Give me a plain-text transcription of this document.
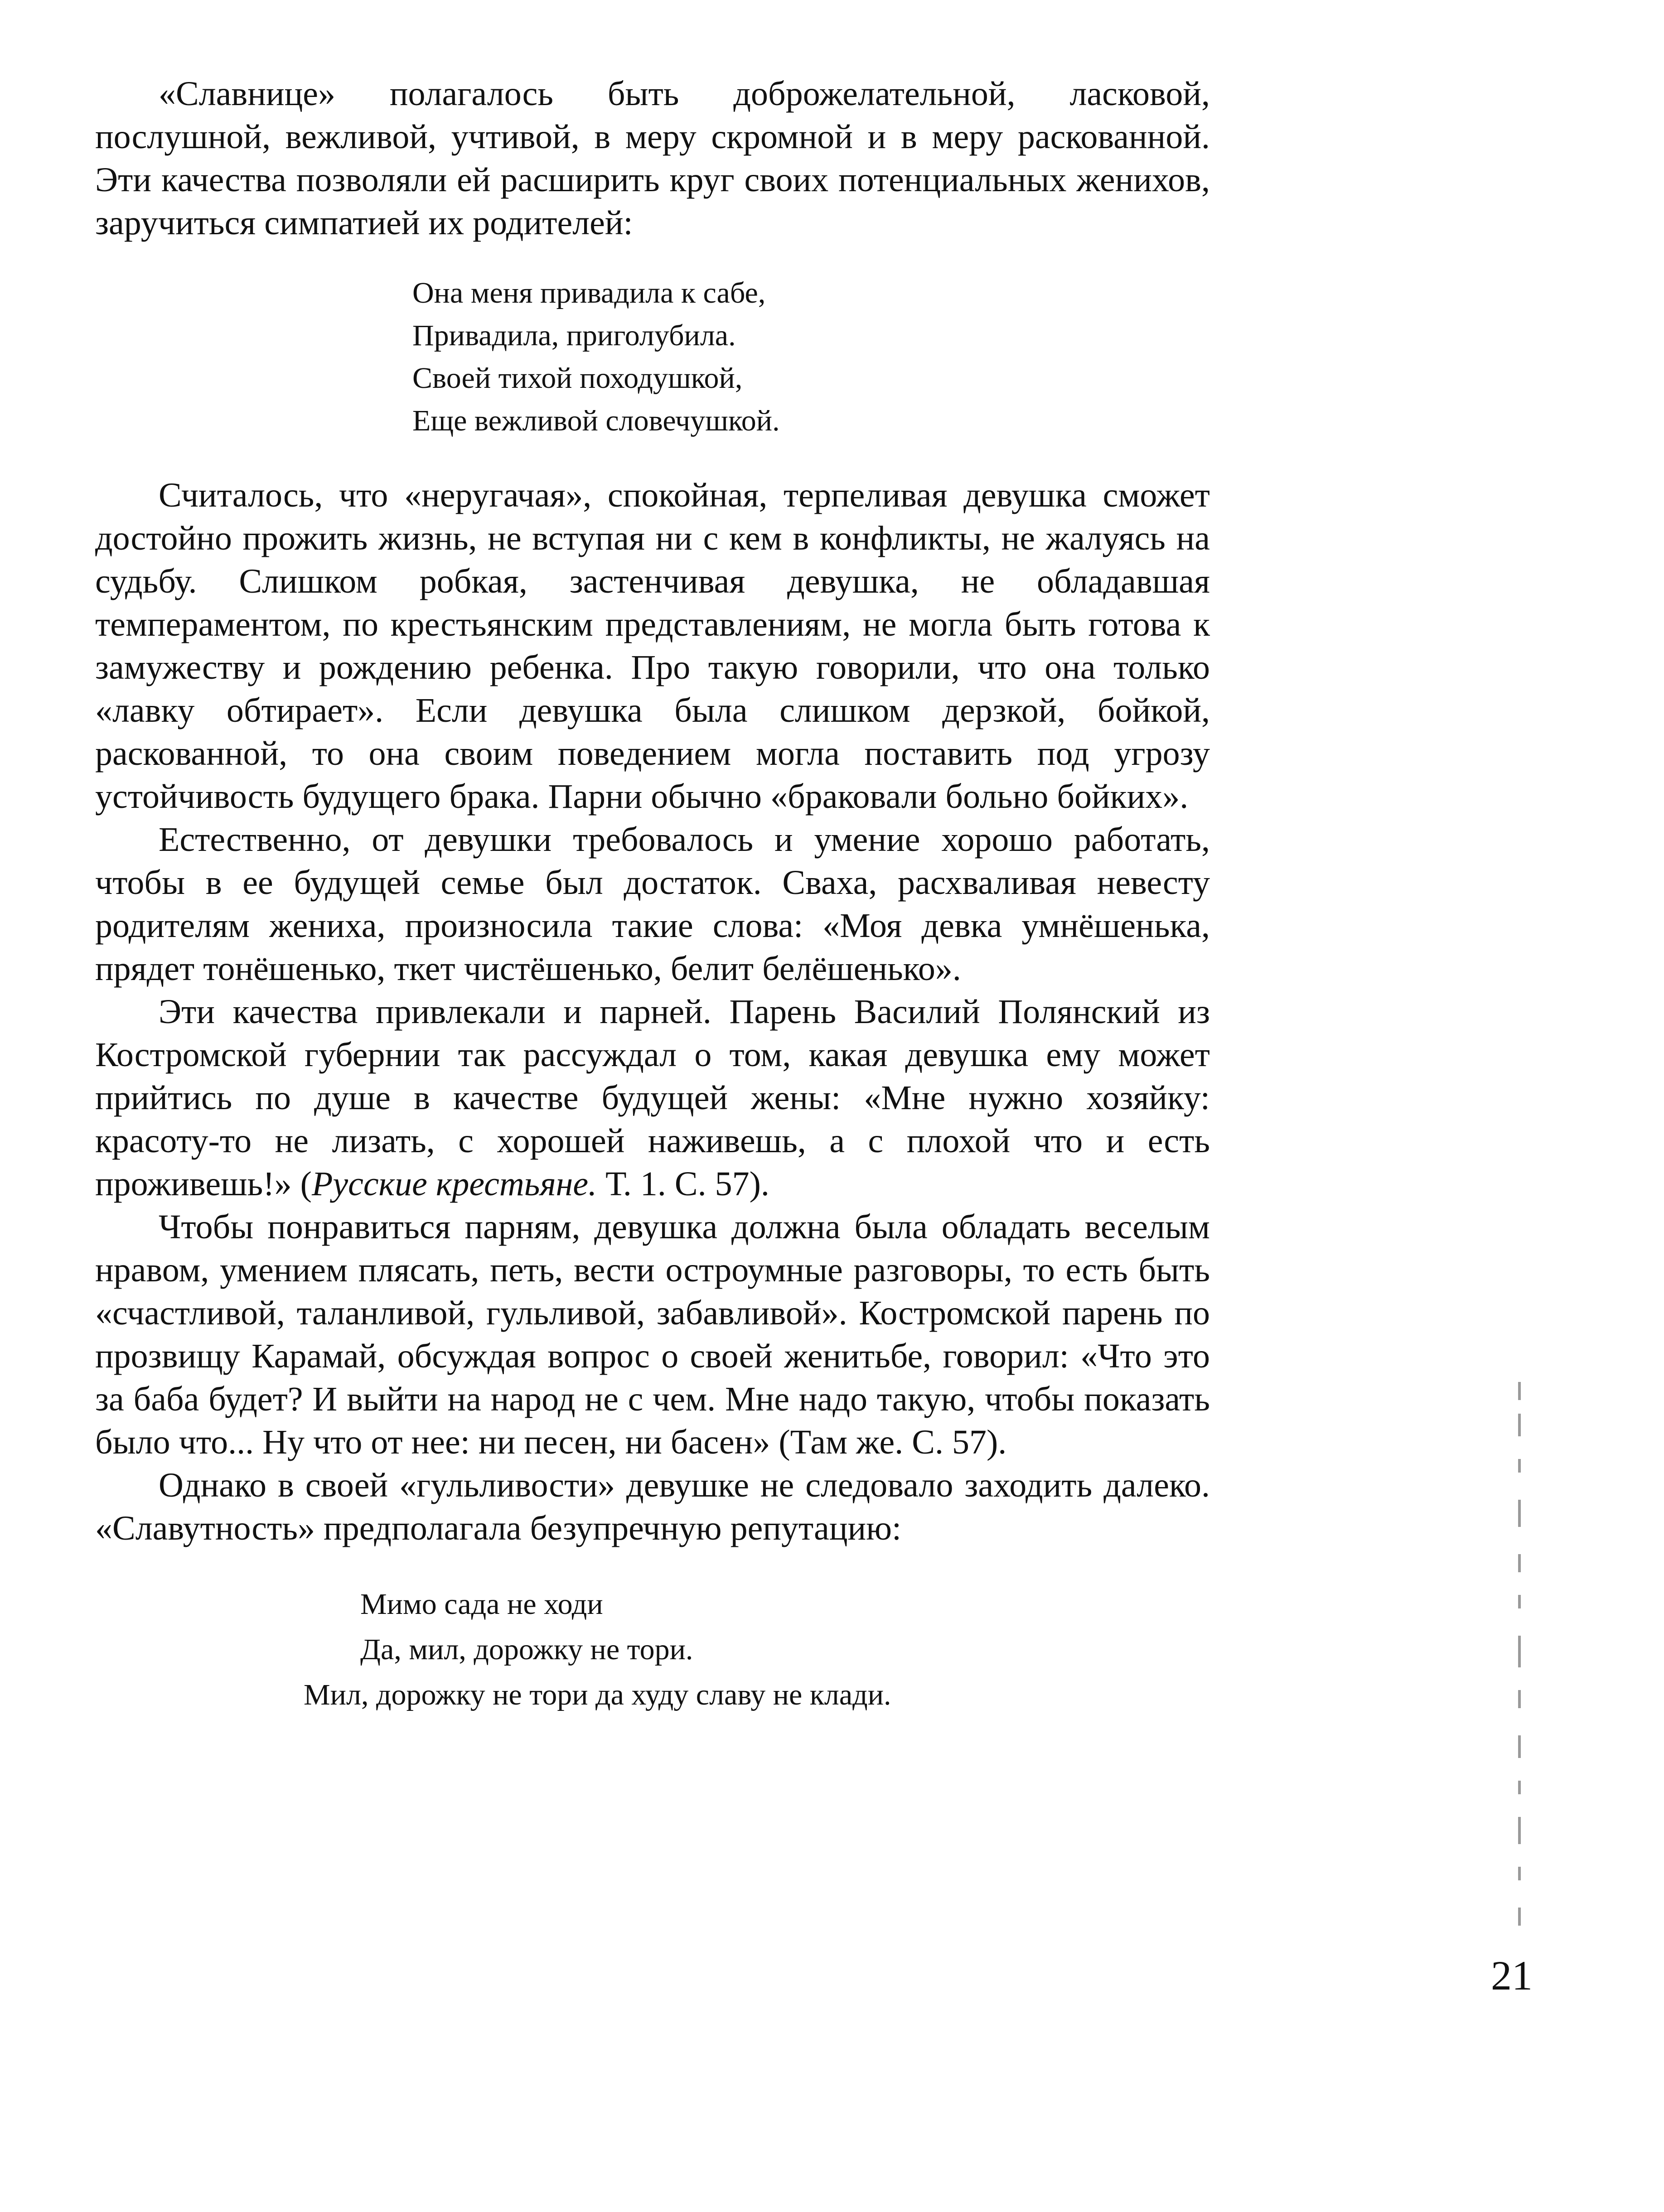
«Славнице» полагалось быть доброжелательной, ласковой, послушной, вежливой, учтивой, в меру скромной и в меру раскованной. Эти качества позволяли ей расширить круг своих потенциальных женихов, заручиться симпатией их родителей:

Она меня привадила к сабе,
Привадила, приголубила.
Своей тихой походушкой,
Еще вежливой словечушкой.

Считалось, что «неругачая», спокойная, терпеливая девушка сможет достойно прожить жизнь, не вступая ни с кем в конфликты, не жалуясь на судьбу. Слишком робкая, застенчивая девушка, не обладавшая темпераментом, по крестьянским представлениям, не могла быть готова к замужеству и рождению ребенка. Про такую говорили, что она только «лавку обтирает». Если девушка была слишком дерзкой, бойкой, раскованной, то она своим поведением могла поставить под угрозу устойчивость будущего брака. Парни обычно «браковали больно бойких».

Естественно, от девушки требовалось и умение хорошо работать, чтобы в ее будущей семье был достаток. Сваха, расхваливая невесту родителям жениха, произносила такие слова: «Моя девка умнёшенька, прядет тонёшенько, ткет чистёшенько, белит белёшенько».

Эти качества привлекали и парней. Парень Василий Полянский из Костромской губернии так рассуждал о том, какая девушка ему может прийтись по душе в качестве будущей жены: «Мне нужно хозяйку: красоту-то не лизать, с хорошей наживешь, а с плохой что и есть проживешь!» (Русские крестьяне. Т. 1. С. 57).

Чтобы понравиться парням, девушка должна была обладать веселым нравом, умением плясать, петь, вести остроумные разговоры, то есть быть «счастливой, таланливой, гульливой, забавливой». Костромской парень по прозвищу Карамай, обсуждая вопрос о своей женитьбе, говорил: «Что это за баба будет? И выйти на народ не с чем. Мне надо такую, чтобы показать было что... Ну что от нее: ни песен, ни басен» (Там же. С. 57).

Однако в своей «гульливости» девушке не следовало заходить далеко. «Славутность» предполагала безупречную репутацию:

Мимо сада не ходи
Да, мил, дорожку не тори.
Мил, дорожку не тори да худу славу не клади.
21
